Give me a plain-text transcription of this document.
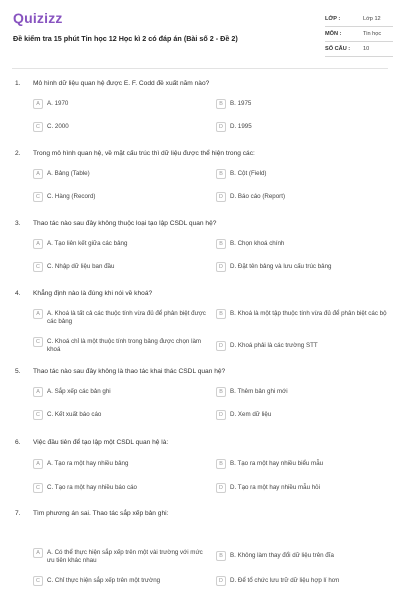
Quizizz
Đề kiểm tra 15 phút Tin học 12 Học kì 2 có đáp án (Bài số 2 - Đề 2)
LỚP :	Lớp 12
MÔN :	Tin học
SỐ CÂU :	10
1. Mô hình dữ liệu quan hệ được E. F. Codd đề xuất năm nào?
A	A. 1970	B	B. 1975
C	C. 2000	D	D. 1995
2. Trong mô hình quan hệ, về mặt cấu trúc thì dữ liệu được thể hiện trong các:
A	A. Bảng (Table)	B	B. Cột (Field)
C	C. Hàng (Record)	D	D. Báo cáo (Report)
3. Thao tác nào sau đây không thuộc loại tạo lập CSDL quan hệ?
A	A. Tạo liên kết giữa các bảng	B	B. Chọn khoá chính
C	C. Nhập dữ liệu ban đầu	D	D. Đặt tên bảng và lưu cấu trúc bảng
4. Khẳng định nào là đúng khi nói về khoá?
A	A. Khoá là tất cả các thuộc tính vừa đủ để phân biệt được các bảng
B	B. Khoá là một tập thuộc tính vừa đủ để phân biệt các bộ
C	C. Khoá chỉ là một thuộc tính trong bảng được chọn làm khoá	D	D. Khoá phải là các trường STT
5. Thao tác nào sau đây không là thao tác khai thác CSDL quan hệ?
A	A. Sắp xếp các bản ghi	B	B. Thêm bản ghi mới
C	C. Kết xuất báo cáo	D	D. Xem dữ liệu
6. Việc đầu tiên để tạo lập một CSDL quan hệ là:
A	A. Tạo ra một hay nhiều bảng	B	B. Tạo ra một hay nhiều biểu mẫu
C	C. Tạo ra một hay nhiều báo cáo	D	D. Tạo ra một hay nhiều mẫu hỏi
7. Tìm phương án sai. Thao tác sắp xếp bản ghi:
A	A. Có thể thực hiện sắp xếp trên một vài trường với mức ưu tiên khác nhau
B	B. Không làm thay đổi dữ liệu trên đĩa
C	C. Chỉ thực hiện sắp xếp trên một trường	D	D. Để tổ chức lưu trữ dữ liệu hợp lí hơn
